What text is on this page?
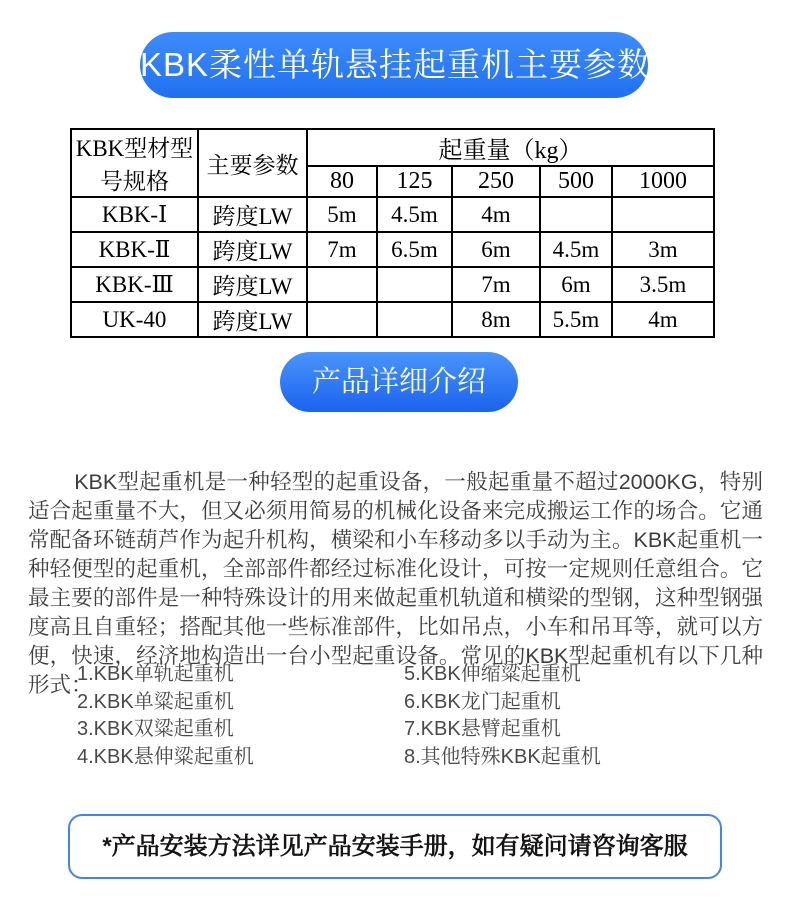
KBK柔性单轨悬挂起重机主要参数表
KBK型材型号规格	主要参数	起重量（kg）				
		80	125	250	500	1000
KBK-Ⅰ	跨度LW	5m	4.5m	4m		
KBK-Ⅱ	跨度LW	7m	6.5m	6m	4.5m	3m
KBK-Ⅲ	跨度LW			7m	6m	3.5m
UK-40	跨度LW			8m	5.5m	4m
产品详细介绍

KBK型起重机是一种轻型的起重设备，一般起重量不超过2000KG，特别适合起重量不大，但又必须用简易的机械化设备来完成搬运工作的场合。它通常配备环链葫芦作为起升机构，横梁和小车移动多以手动为主。KBK起重机一种轻便型的起重机，全部部件都经过标准化设计，可按一定规则任意组合。它最主要的部件是一种特殊设计的用来做起重机轨道和横梁的型钢，这种型钢强度高且自重轻；搭配其他一些标准部件，比如吊点，小车和吊耳等，就可以方便，快速，经济地构造出一台小型起重设备。常见的KBK型起重机有以下几种形式：

1.KBK单轨起重机
2.KBK单粱起重机
3.KBK双粱起重机
4.KBK悬伸粱起重机
5.KBK伸缩粱起重机
6.KBK龙门起重机
7.KBK悬臂起重机
8.其他特殊KBK起重机
*产品安装方法详见产品安装手册，如有疑问请咨询客服
